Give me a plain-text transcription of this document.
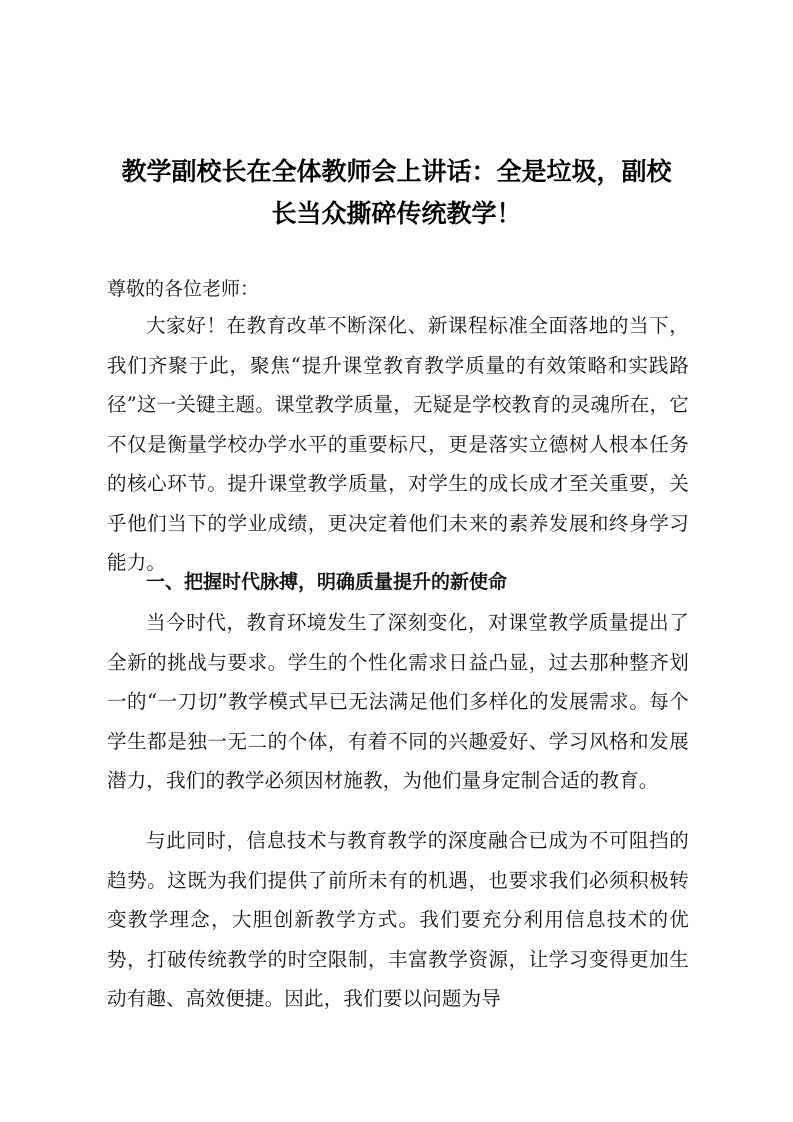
教学副校长在全体教师会上讲话：全是垃圾，副校
长当众撕碎传统教学！

尊敬的各位老师：

大家好！在教育改革不断深化、新课程标准全面落地的当下，我们齐聚于此，聚焦“提升课堂教育教学质量的有效策略和实践路径”这一关键主题。课堂教学质量，无疑是学校教育的灵魂所在，它不仅是衡量学校办学水平的重要标尺，更是落实立德树人根本任务的核心环节。提升课堂教学质量，对学生的成长成才至关重要，关乎他们当下的学业成绩，更决定着他们未来的素养发展和终身学习能力。

一、把握时代脉搏，明确质量提升的新使命

当今时代，教育环境发生了深刻变化，对课堂教学质量提出了全新的挑战与要求。学生的个性化需求日益凸显，过去那种整齐划一的“一刀切”教学模式早已无法满足他们多样化的发展需求。每个学生都是独一无二的个体，有着不同的兴趣爱好、学习风格和发展潜力，我们的教学必须因材施教，为他们量身定制合适的教育。

与此同时，信息技术与教育教学的深度融合已成为不可阻挡的趋势。这既为我们提供了前所未有的机遇，也要求我们必须积极转变教学理念，大胆创新教学方式。我们要充分利用信息技术的优势，打破传统教学的时空限制，丰富教学资源，让学习变得更加生动有趣、高效便捷。因此，我们要以问题为导
